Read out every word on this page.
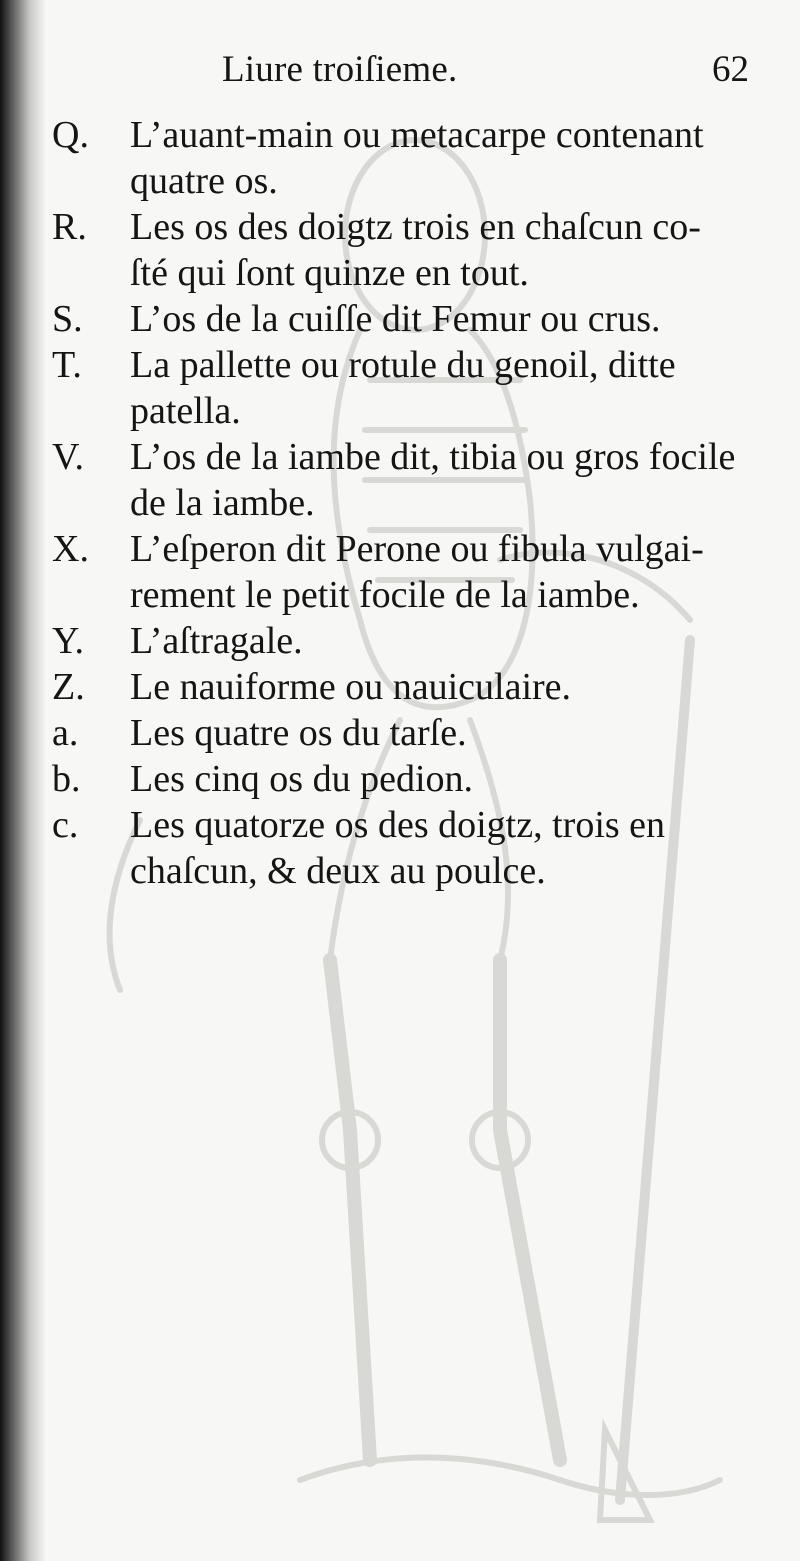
Liure troiſieme.	62
Q. L’auant-main ou metacarpe contenant
quatre os.
R. Les os des doigtz trois en chaſcun co-
ſté qui ſont quinze en tout.
S. L’os de la cuiſſe dit Femur ou crus.
T. La pallette ou rotule du genoil, ditte
patella.
V. L’os de la iambe dit, tibia ou gros focile
de la iambe.
X. L’eſperon dit Perone ou fibula vulgai-
rement le petit focile de la iambe.
Y. L’aſtragale.
Z. Le nauiforme ou nauiculaire.
a. Les quatre os du tarſe.
b. Les cinq os du pedion.
c. Les quatorze os des doigtz, trois en
chaſcun, & deux au poulce.
